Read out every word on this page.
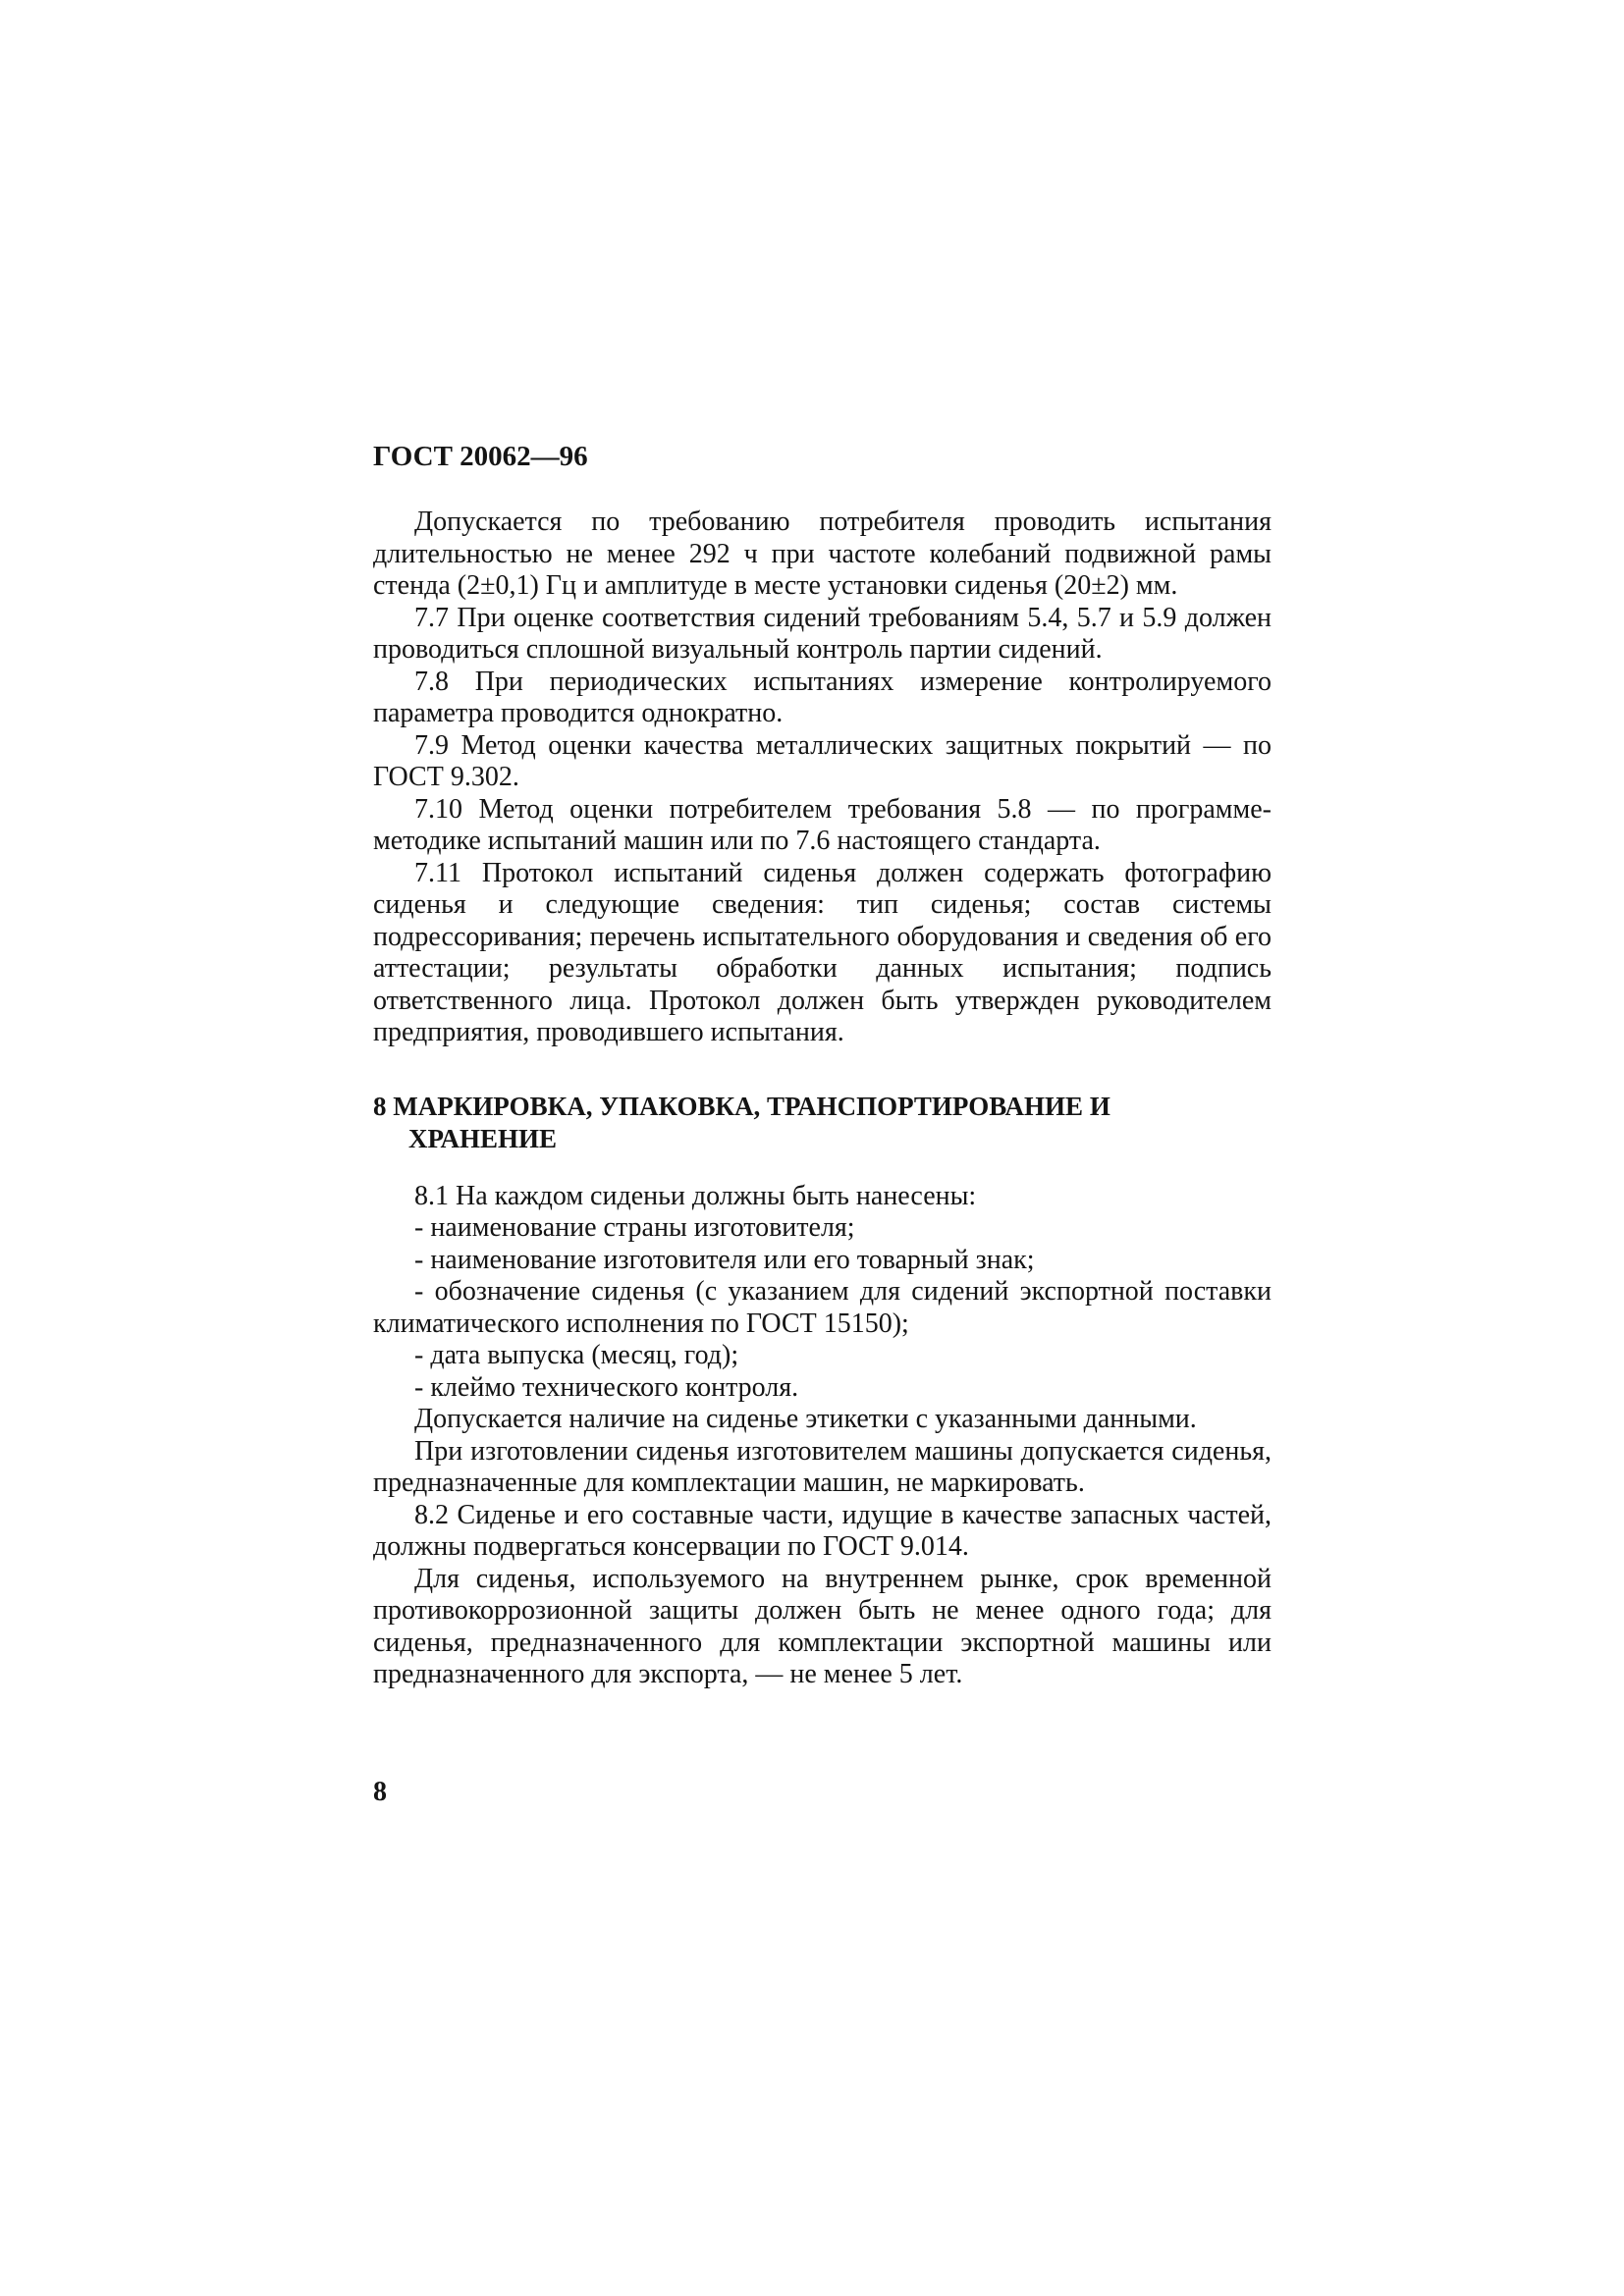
ГОСТ 20062—96

Допускается по требованию потребителя проводить испытания длительностью не менее 292 ч при частоте колебаний подвижной рамы стенда (2±0,1) Гц и амплитуде в месте установки сиденья (20±2) мм.

7.7 При оценке соответствия сидений требованиям 5.4, 5.7 и 5.9 должен проводиться сплошной визуальный контроль партии сидений.

7.8 При периодических испытаниях измерение контролируемого параметра проводится однократно.

7.9 Метод оценки качества металлических защитных покрытий — по ГОСТ 9.302.

7.10 Метод оценки потребителем требования 5.8 — по программе-методике испытаний машин или по 7.6 настоящего стандарта.

7.11 Протокол испытаний сиденья должен содержать фотографию сиденья и следующие сведения: тип сиденья; состав системы подрессоривания; перечень испытательного оборудования и сведения об его аттестации; результаты обработки данных испытания; подпись ответственного лица. Протокол должен быть утвержден руководителем предприятия, проводившего испытания.

8 МАРКИРОВКА, УПАКОВКА, ТРАНСПОРТИРОВАНИЕ И ХРАНЕНИЕ

8.1 На каждом сиденьи должны быть нанесены:

- наименование страны изготовителя;

- наименование изготовителя или его товарный знак;

- обозначение сиденья (с указанием для сидений экспортной поставки климатического исполнения по ГОСТ 15150);

- дата выпуска (месяц, год);

- клеймо технического контроля.

Допускается наличие на сиденье этикетки с указанными данными.

При изготовлении сиденья изготовителем машины допускается сиденья, предназначенные для комплектации машин, не маркировать.

8.2 Сиденье и его составные части, идущие в качестве запасных частей, должны подвергаться консервации по ГОСТ 9.014.

Для сиденья, используемого на внутреннем рынке, срок временной противокоррозионной защиты должен быть не менее одного года; для сиденья, предназначенного для комплектации экспортной машины или предназначенного для экспорта, — не менее 5 лет.

8
